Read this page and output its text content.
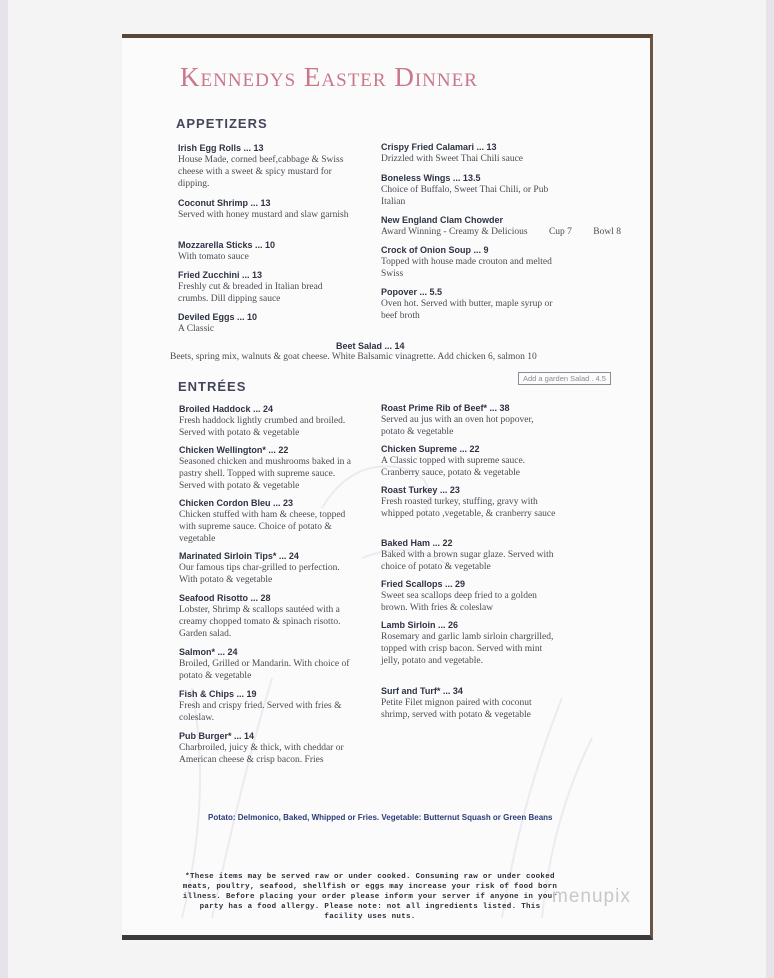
Kennedys Easter Dinner
APPETIZERS
Irish Egg Rolls ... 13
House Made, corned beef,cabbage & Swiss cheese with a sweet & spicy mustard for dipping.
Coconut Shrimp ... 13
Served with honey mustard and slaw garnish
Mozzarella Sticks ... 10
With tomato sauce
Fried Zucchini ... 13
Freshly cut & breaded in Italian bread crumbs. Dill dipping sauce
Deviled Eggs ... 10
A Classic
Crispy Fried Calamari ... 13
Drizzled with Sweet Thai Chili sauce
Boneless Wings ... 13.5
Choice of Buffalo, Sweet Thai Chili, or Pub Italian
New England Clam Chowder
Award Winning - Creamy & Delicious Cup 7 Bowl 8
Crock of Onion Soup ... 9
Topped with house made crouton and melted Swiss
Popover ... 5.5
Oven hot. Served with butter, maple syrup or beef broth
Beet Salad ... 14
Beets, spring mix, walnuts & goat cheese. White Balsamic vinagrette. Add chicken 6, salmon 10
ENTRÉES
Add a garden Salad . 4.5
Broiled Haddock ... 24
Fresh haddock lightly crumbed and broiled. Served with potato & vegetable
Chicken Wellington* ... 22
Seasoned chicken and mushrooms baked in a pastry shell. Topped with supreme sauce. Served with potato & vegetable
Chicken Cordon Bleu ... 23
Chicken stuffed with ham & cheese, topped with supreme sauce. Choice of potato & vegetable
Marinated Sirloin Tips* ... 24
Our famous tips char-grilled to perfection. With potato & vegetable
Seafood Risotto ... 28
Lobster, Shrimp & scallops sautéed with a creamy chopped tomato & spinach risotto. Garden salad.
Salmon* ... 24
Broiled, Grilled or Mandarin. With choice of potato & vegetable
Fish & Chips ... 19
Fresh and crispy fried. Served with fries & coleslaw.
Pub Burger* ... 14
Charbroiled, juicy & thick, with cheddar or American cheese & crisp bacon. Fries
Roast Prime Rib of Beef* ... 38
Served au jus with an oven hot popover, potato & vegetable
Chicken Supreme ... 22
A Classic topped with supreme sauce. Cranberry sauce, potato & vegetable
Roast Turkey ... 23
Fresh roasted turkey, stuffing, gravy with whipped potato ,vegetable, & cranberry sauce
Baked Ham ... 22
Baked with a brown sugar glaze. Served with choice of potato & vegetable
Fried Scallops ... 29
Sweet sea scallops deep fried to a golden brown. With fries & coleslaw
Lamb Sirloin ... 26
Rosemary and garlic lamb sirloin chargrilled, topped with crisp bacon. Served with mint jelly, potato and vegetable.
Surf and Turf* ... 34
Petite Filet mignon paired with coconut shrimp, served with potato & vegetable
Potato: Delmonico, Baked, Whipped or Fries. Vegetable: Butternut Squash or Green Beans
*These items may be served raw or under cooked. Consuming raw or under cooked meats, poultry, seafood, shellfish or eggs may increase your risk of food born illness. Before placing your order please inform your server if anyone in your party has a food allergy. Please note: not all ingredients listed. This facility uses nuts.
menupix
